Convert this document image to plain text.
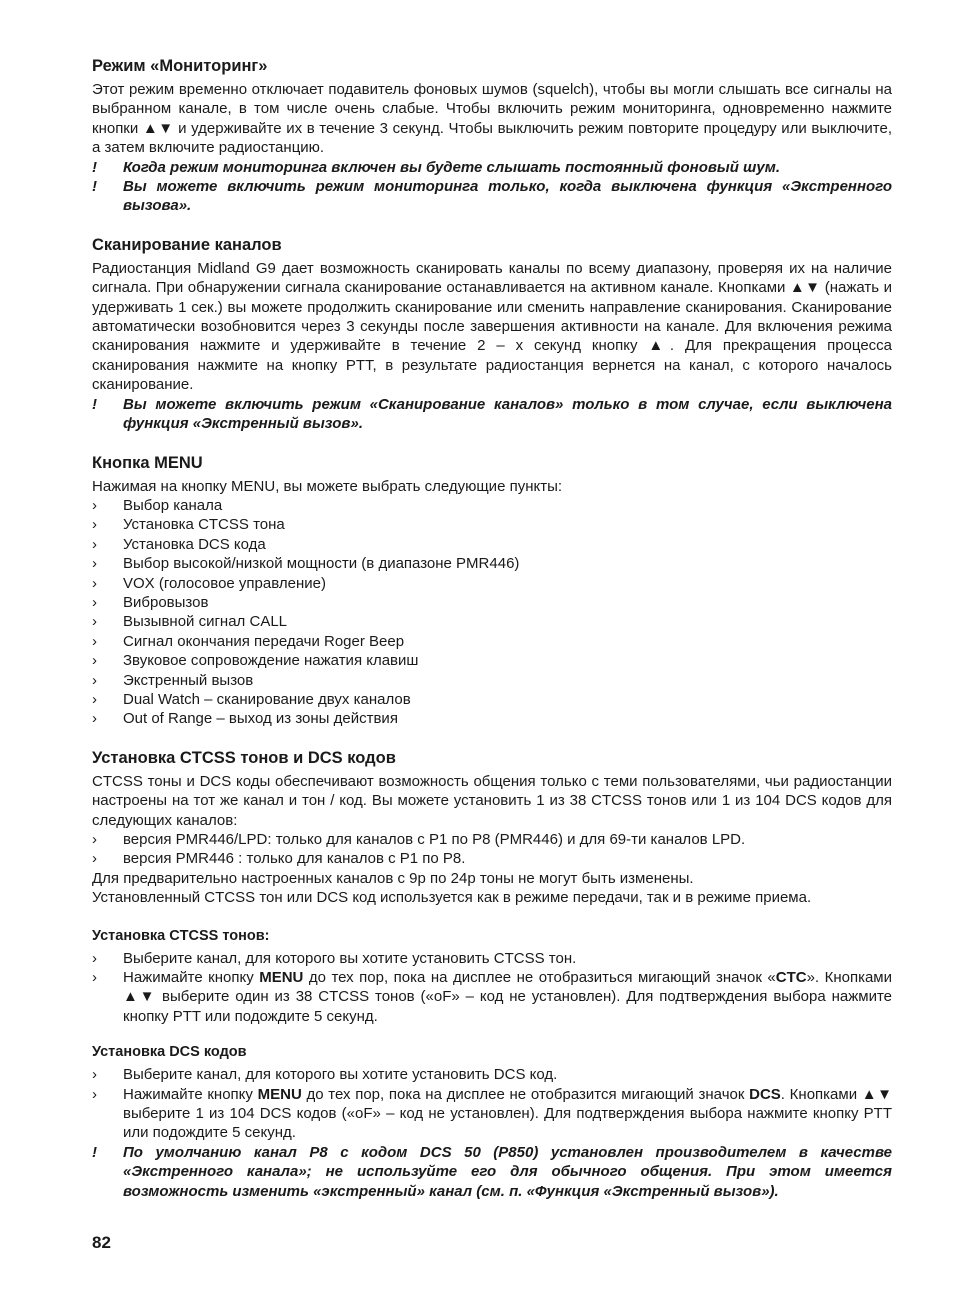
Режим «Мониторинг»

Этот режим временно отключает подавитель фоновых шумов (squelch), чтобы вы могли слышать все сигналы на выбранном канале, в том числе очень слабые. Чтобы включить режим мониторинга, одновременно нажмите кнопки ▲▼ и удерживайте их в течение 3 секунд. Чтобы выключить режим повторите процедуру или выключите, а затем включите радиостанцию.

!	Когда режим мониторинга включен вы будете слышать постоянный фоновый шум.
!	Вы можете включить режим мониторинга только, когда выключена функция «Экстренного вызова».
Сканирование каналов

Радиостанция Midland G9 дает возможность сканировать каналы по всему диапазону, проверяя их на наличие сигнала. При обнаружении сигнала сканирование останавливается на активном канале. Кнопками ▲▼ (нажать и удерживать 1 сек.) вы можете продолжить сканирование или сменить направление сканирования. Сканирование автоматически возобновится через 3 секунды после завершения активности на канале. Для включения режима сканирования нажмите и удерживайте в течение 2 – х секунд кнопку ▲. Для прекращения процесса сканирования нажмите на кнопку PTT, в результате радиостанция вернется на канал, с которого началось сканирование.

!	Вы можете включить режим «Сканирование каналов» только в том случае, если выключена функция «Экстренный вызов».
Кнопка MENU

Нажимая на кнопку MENU, вы можете выбрать следующие пункты:

›	Выбор канала
›	Установка CTCSS тона
›	Установка DCS кода
›	Выбор высокой/низкой мощности (в диапазоне PMR446)
›	VOX (голосовое управление)
›	Вибровызов
›	Вызывной сигнал CALL
›	Сигнал окончания передачи Roger Beep
›	Звуковое сопровождение нажатия клавиш
›	Экстренный вызов
›	Dual Watch – сканирование двух каналов
›	Out of Range – выход из зоны действия
Установка CTCSS тонов и DCS кодов

CTCSS тоны и DCS коды обеспечивают возможность общения только с теми пользователями, чьи радиостанции настроены на тот же канал и тон / код. Вы можете установить 1 из 38 CTCSS тонов или 1 из 104 DCS кодов для следующих каналов:

›	версия PMR446/LPD: только для каналов с P1 по P8 (PMR446) и для 69-ти каналов LPD.
›	версия PMR446 : только для каналов с P1 по P8.

Для предварительно настроенных каналов с 9p по 24p тоны не могут быть изменены.

Установленный CTCSS тон или DCS код используется как в режиме передачи, так и в режиме приема.

Установка CTCSS тонов:
›	Выберите канал, для которого вы хотите установить CTCSS тон.
›	Нажимайте кнопку MENU до тех пор, пока на дисплее не отобразиться мигающий значок «CTC». Кнопками ▲▼ выберите один из 38 CTCSS тонов («oF» – код не установлен). Для подтверждения выбора нажмите кнопку PTT или подождите 5 секунд.
Установка DCS кодов
›	Выберите канал, для которого вы хотите установить DCS код.
›	Нажимайте кнопку MENU до тех пор, пока на дисплее не отобразится мигающий значок DCS. Кнопками ▲▼ выберите 1 из 104 DCS кодов («oF» – код не установлен). Для подтверждения выбора нажмите кнопку PTT или подождите 5 секунд.
!	По умолчанию канал P8 с кодом DCS 50 (P850) установлен производителем в качестве «Экстренного канала»; не используйте его для обычного общения. При этом имеется возможность изменить «экстренный» канал (см. п. «Функция «Экстренный вызов»).
82
